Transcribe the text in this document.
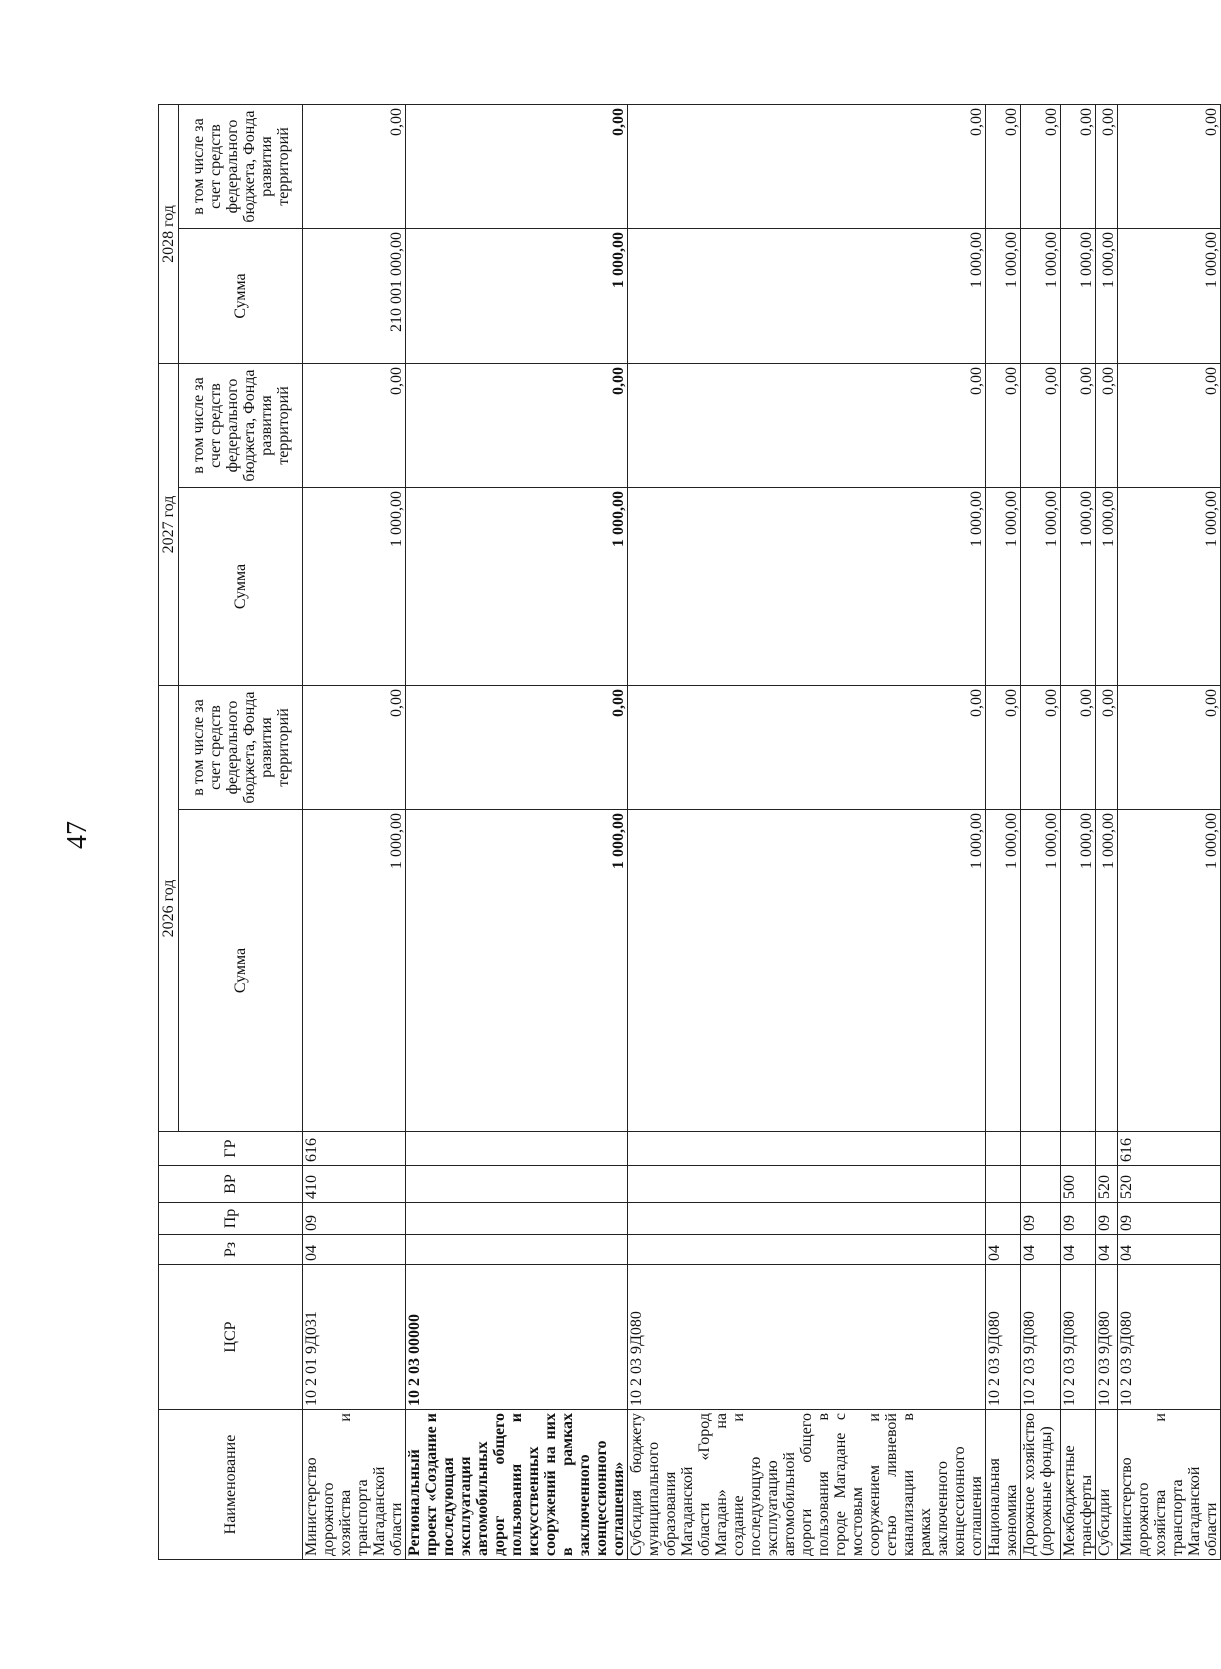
47
Наименование	ЦСР	Рз	Пр	ВР	ГР	2026 год		2027 год		2028 год	
						Сумма	в том числе за счет средств федерального бюджета, Фонда развития территорий	Сумма	в том числе за счет средств федерального бюджета, Фонда развития территорий	Сумма	в том числе за счет средств федерального бюджета, Фонда развития территорий
Министерство дорожного хозяйства и транспорта Магаданской области	10 2 01 9Д031	04	09	410	616	1 000,00	0,00	1 000,00	0,00	210 001 000,00	0,00
Региональный проект «Создание и последующая эксплуатация автомобильных дорог общего пользования и искусственных сооружений на них в рамках заключенного концессионного соглашения»	10 2 03 00000					1 000,00	0,00	1 000,00	0,00	1 000,00	0,00
Субсидия бюджету муниципального образования Магаданской области «Город Магадан» на создание и последующую эксплуатацию автомобильной дороги общего пользования в городе Магадане с мостовым сооружением и сетью ливневой канализации в рамках заключенного концессионного соглашения	10 2 03 9Д080					1 000,00	0,00	1 000,00	0,00	1 000,00	0,00
Национальная экономика	10 2 03 9Д080	04				1 000,00	0,00	1 000,00	0,00	1 000,00	0,00
Дорожное хозяйство (дорожные фонды)	10 2 03 9Д080	04	09			1 000,00	0,00	1 000,00	0,00	1 000,00	0,00
Межбюджетные трансферты	10 2 03 9Д080	04	09	500		1 000,00	0,00	1 000,00	0,00	1 000,00	0,00
Субсидии	10 2 03 9Д080	04	09	520		1 000,00	0,00	1 000,00	0,00	1 000,00	0,00
Министерство дорожного хозяйства и транспорта Магаданской области	10 2 03 9Д080	04	09	520	616	1 000,00	0,00	1 000,00	0,00	1 000,00	0,00
